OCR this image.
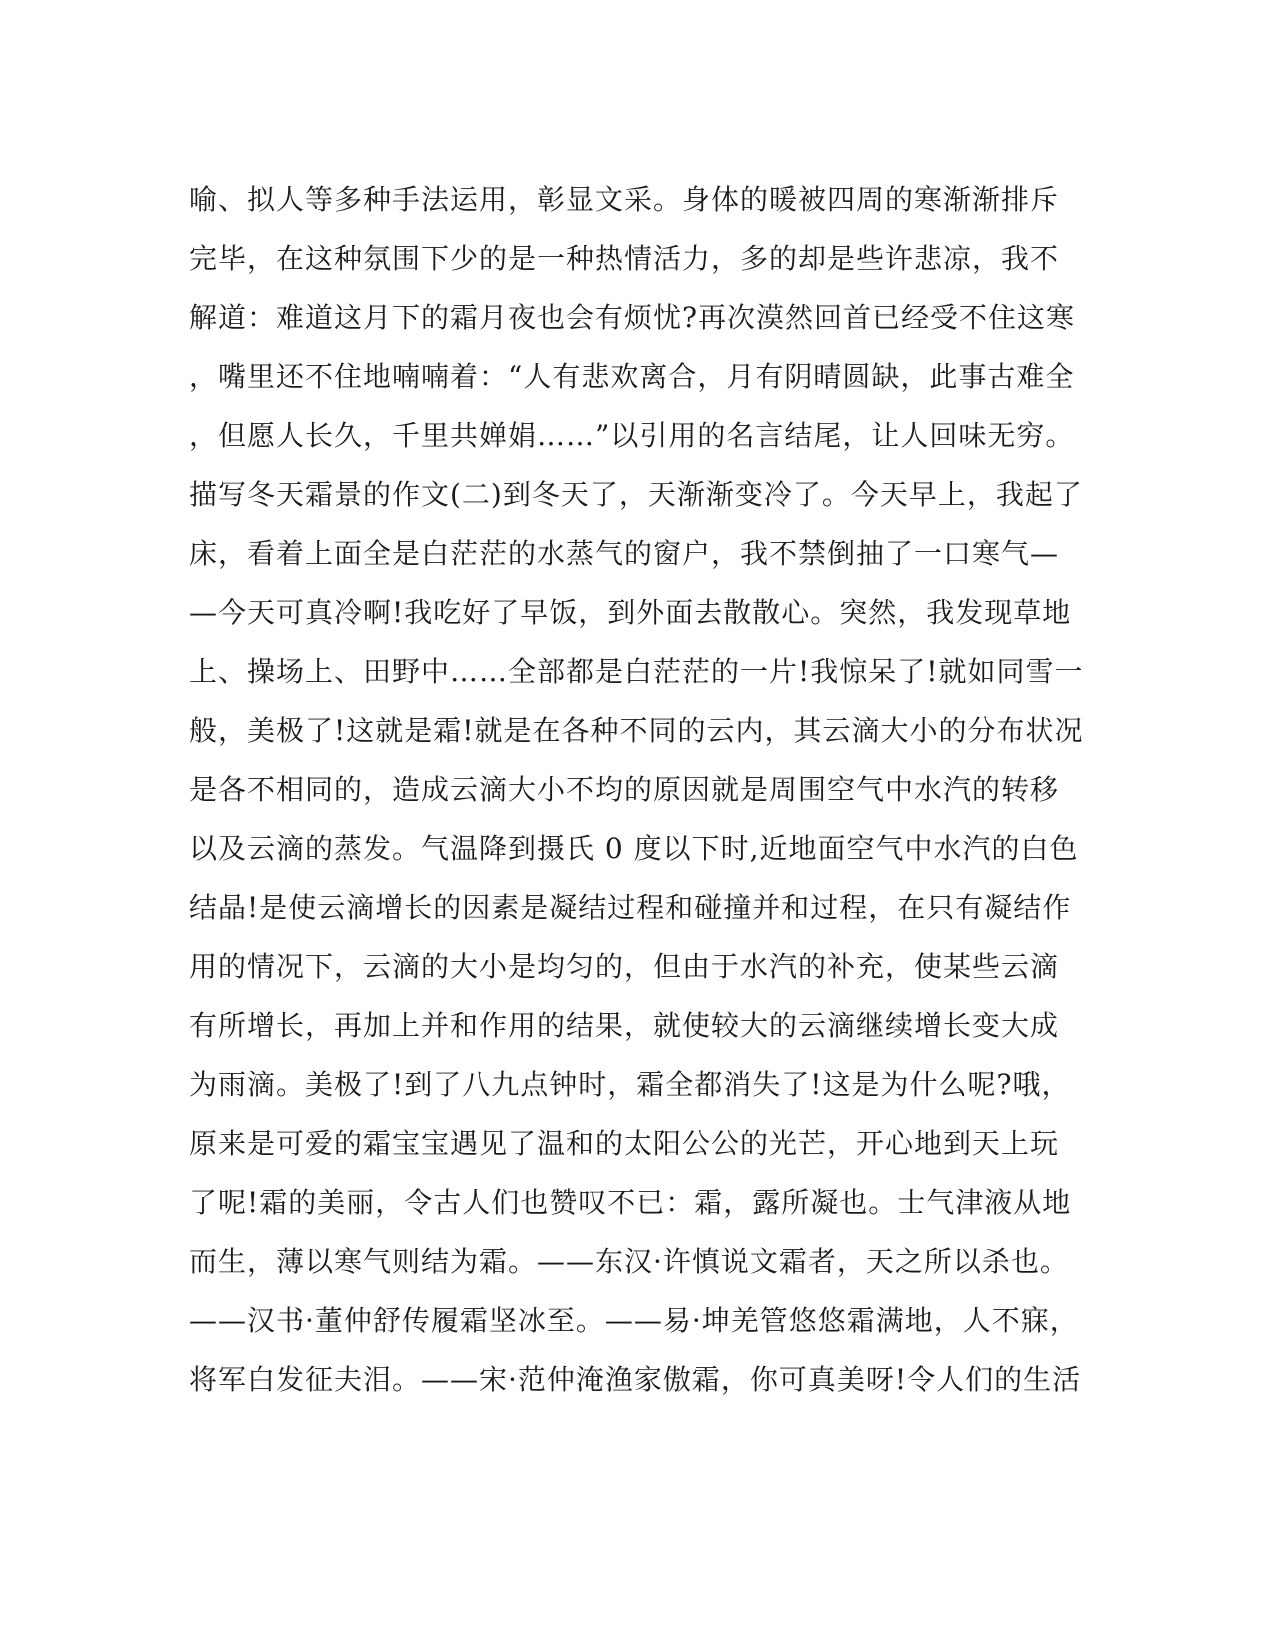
喻、拟人等多种手法运用，彰显文采。身体的暖被四周的寒渐渐排斥
完毕，在这种氛围下少的是一种热情活力，多的却是些许悲凉，我不
解道：难道这月下的霜月夜也会有烦忧?再次漠然回首已经受不住这寒
，嘴里还不住地喃喃着：“人有悲欢离合，月有阴晴圆缺，此事古难全
，但愿人长久，千里共婵娟……”以引用的名言结尾，让人回味无穷。
描写冬天霜景的作文(二)到冬天了，天渐渐变冷了。今天早上，我起了
床，看着上面全是白茫茫的水蒸气的窗户，我不禁倒抽了一口寒气—
—今天可真冷啊!我吃好了早饭，到外面去散散心。突然，我发现草地
上、操场上、田野中……全部都是白茫茫的一片!我惊呆了!就如同雪一
般，美极了!这就是霜!就是在各种不同的云内，其云滴大小的分布状况
是各不相同的，造成云滴大小不均的原因就是周围空气中水汽的转移
以及云滴的蒸发。气温降到摄氏 0 度以下时,近地面空气中水汽的白色
结晶!是使云滴增长的因素是凝结过程和碰撞并和过程，在只有凝结作
用的情况下，云滴的大小是均匀的，但由于水汽的补充，使某些云滴
有所增长，再加上并和作用的结果，就使较大的云滴继续增长变大成
为雨滴。美极了!到了八九点钟时，霜全都消失了!这是为什么呢?哦，
原来是可爱的霜宝宝遇见了温和的太阳公公的光芒，开心地到天上玩
了呢!霜的美丽，令古人们也赞叹不已：霜，露所凝也。士气津液从地
而生，薄以寒气则结为霜。——东汉·许慎说文霜者，天之所以杀也。
——汉书·董仲舒传履霜坚冰至。——易·坤羌管悠悠霜满地，人不寐，
将军白发征夫泪。——宋·范仲淹渔家傲霜，你可真美呀!令人们的生活
